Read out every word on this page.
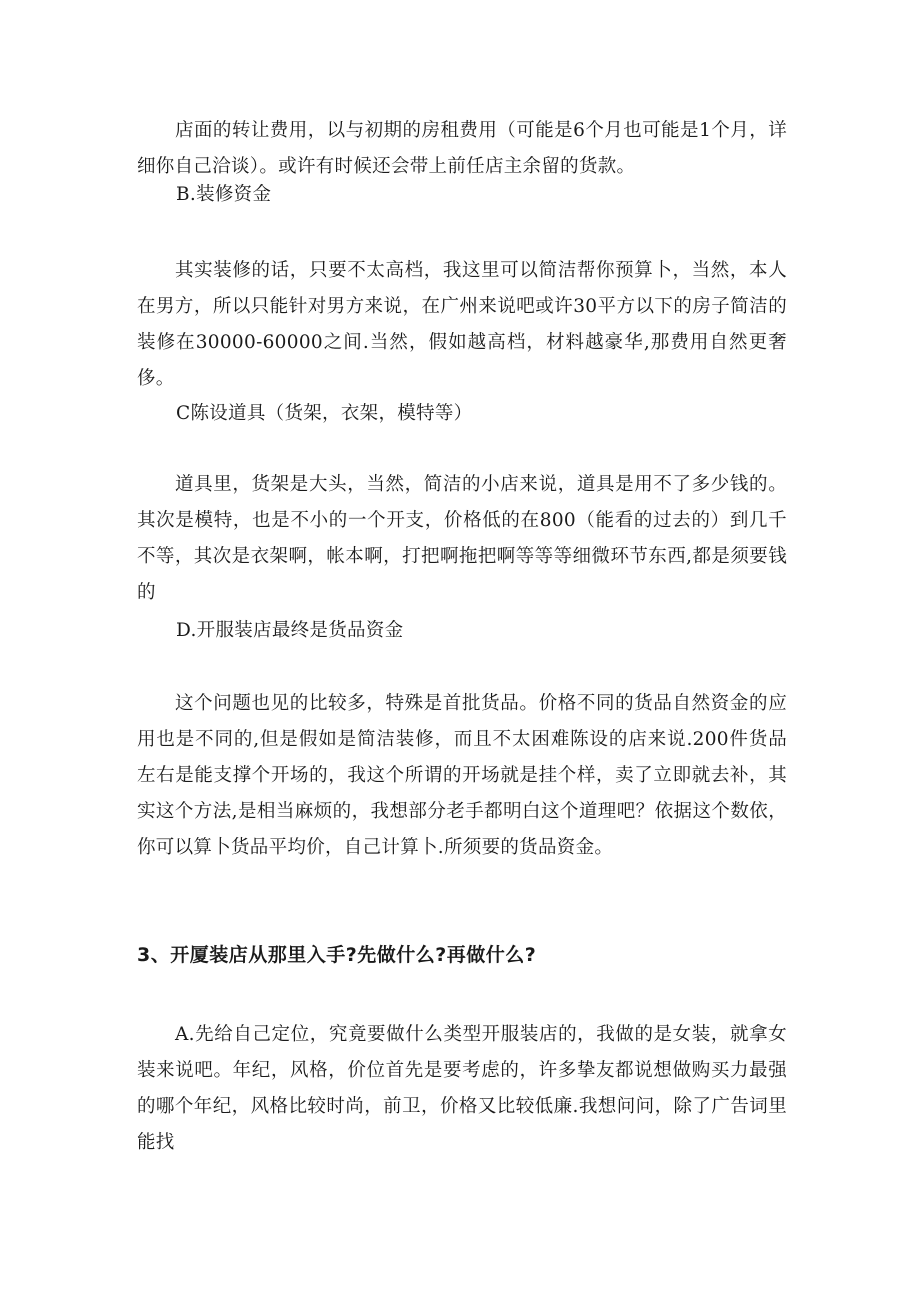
店面的转让费用，以与初期的房租费用（可能是6个月也可能是1个月，详细你自己洽谈）。或许有时候还会带上前任店主余留的货款。

B.装修资金

其实装修的话，只要不太高档，我这里可以简洁帮你预算卜，当然，本人在男方，所以只能针对男方来说，在广州来说吧或许30平方以下的房子简洁的装修在30000-60000之间.当然，假如越高档，材料越豪华,那费用自然更奢侈。

C陈设道具（货架，衣架，模特等）

道具里，货架是大头，当然，简洁的小店来说，道具是用不了多少钱的。其次是模特，也是不小的一个开支，价格低的在800（能看的过去的）到几千不等，其次是衣架啊，帐本啊，打把啊拖把啊等等等细微环节东西,都是须要钱的

D.开服装店最终是货品资金

这个问题也见的比较多，特殊是首批货品。价格不同的货品自然资金的应用也是不同的,但是假如是简洁装修，而且不太困难陈设的店来说.200件货品左右是能支撑个开场的，我这个所谓的开场就是挂个样，卖了立即就去补，其实这个方法,是相当麻烦的，我想部分老手都明白这个道理吧？依据这个数依，你可以算卜货品平均价，自己计算卜.所须要的货品资金。

3、开厦装店从那里入手?先做什么?再做什么?

A.先给自己定位，究竟要做什么类型开服装店的，我做的是女装，就拿女装来说吧。年纪，风格，价位首先是要考虑的，许多挚友都说想做购买力最强的哪个年纪，风格比较时尚，前卫，价格又比较低廉.我想问问，除了广告词里能找
